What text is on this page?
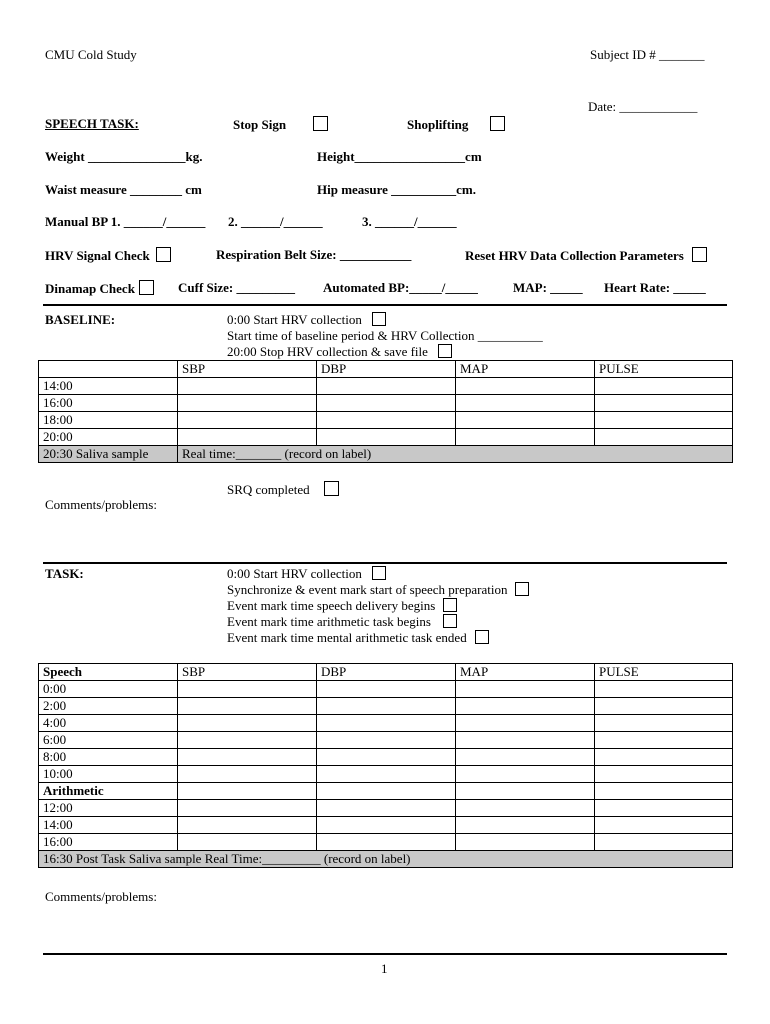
CMU Cold Study	Subject ID # _______
Date: ____________
SPEECH TASK:	Stop Sign	Shoplifting
Weight _______________kg.	Height_________________cm
Waist measure ________ cm	Hip measure __________cm.
Manual BP 1. ______/______ 2. ______/______	3. ______/______
HRV Signal Check	Respiration Belt Size: ___________	Reset HRV Data Collection Parameters
Dinamap Check	Cuff Size: _________ Automated BP:_____/_____	MAP: _____ Heart Rate: _____
BASELINE:	0:00 Start HRV collection
Start time of baseline period & HRV Collection __________
20:00 Stop HRV collection & save file
	SBP	DBP	MAP	PULSE
14:00				
16:00				
18:00				
20:00				
20:30 Saliva sample	Real time:_______ (record on label)			
SRQ completed
Comments/problems:
TASK:	0:00 Start HRV collection
Synchronize & event mark start of speech preparation
Event mark time speech delivery begins
Event mark time arithmetic task begins
Event mark time mental arithmetic task ended
Speech	SBP	DBP	MAP	PULSE
0:00				
2:00				
4:00				
6:00				
8:00				
10:00				
Arithmetic				
12:00				
14:00				
16:00				
16:30 Post Task Saliva sample Real Time:_________ (record on label)				
Comments/problems:
1
